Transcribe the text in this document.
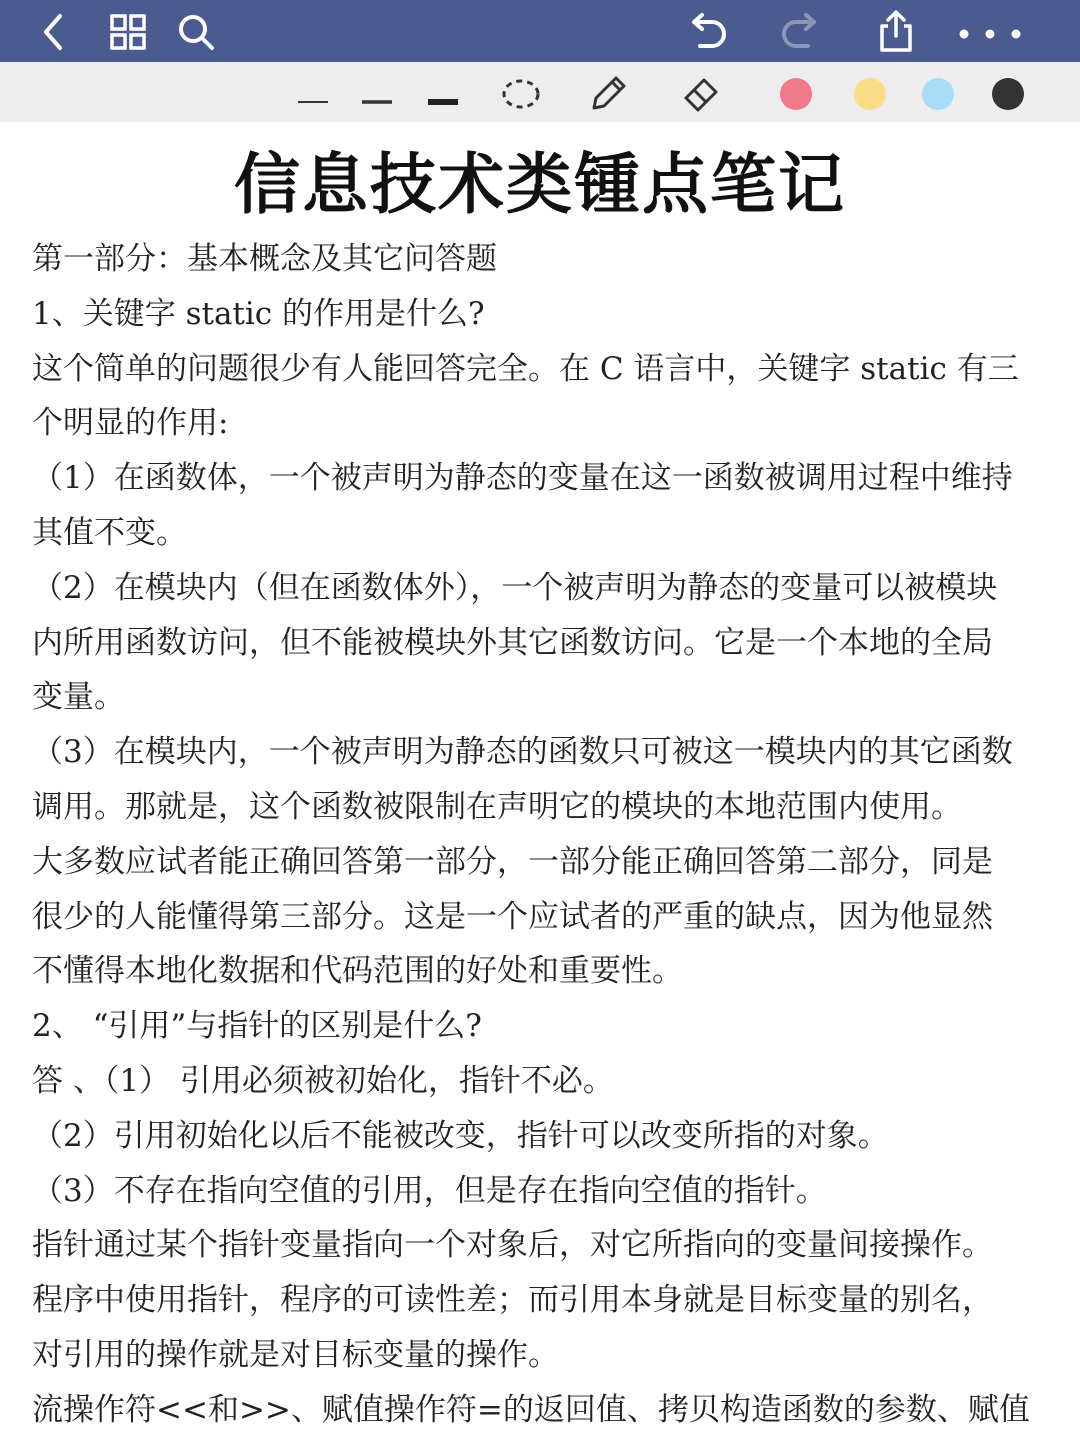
信息技术类锺点笔记

第一部分：基本概念及其它问答题

1、关键字 static 的作用是什么?

这个简单的问题很少有人能回答完全。在 C 语言中，关键字 static 有三

个明显的作用:

（1）在函数体，一个被声明为静态的变量在这一函数被调用过程中维持

其值不变。

（2）在模块内（但在函数体外），一个被声明为静态的变量可以被模块

内所用函数访问，但不能被模块外其它函数访问。它是一个本地的全局

变量。

（3）在模块内，一个被声明为静态的函数只可被这一模块内的其它函数

调用。那就是，这个函数被限制在声明它的模块的本地范围内使用。

大多数应试者能正确回答第一部分，一部分能正确回答第二部分，同是

很少的人能懂得第三部分。这是一个应试者的严重的缺点，因为他显然

不懂得本地化数据和代码范围的好处和重要性。

2、 “引用”与指针的区别是什么?

答 、（1） 引用必须被初始化，指针不必。

（2）引用初始化以后不能被改变，指针可以改变所指的对象。

（3）不存在指向空值的引用，但是存在指向空值的指针。

指针通过某个指针变量指向一个对象后，对它所指向的变量间接操作。

程序中使用指针，程序的可读性差；而引用本身就是目标变量的别名，

对引用的操作就是对目标变量的操作。

流操作符<<和>>、赋值操作符=的返回值、拷贝构造函数的参数、赋值
